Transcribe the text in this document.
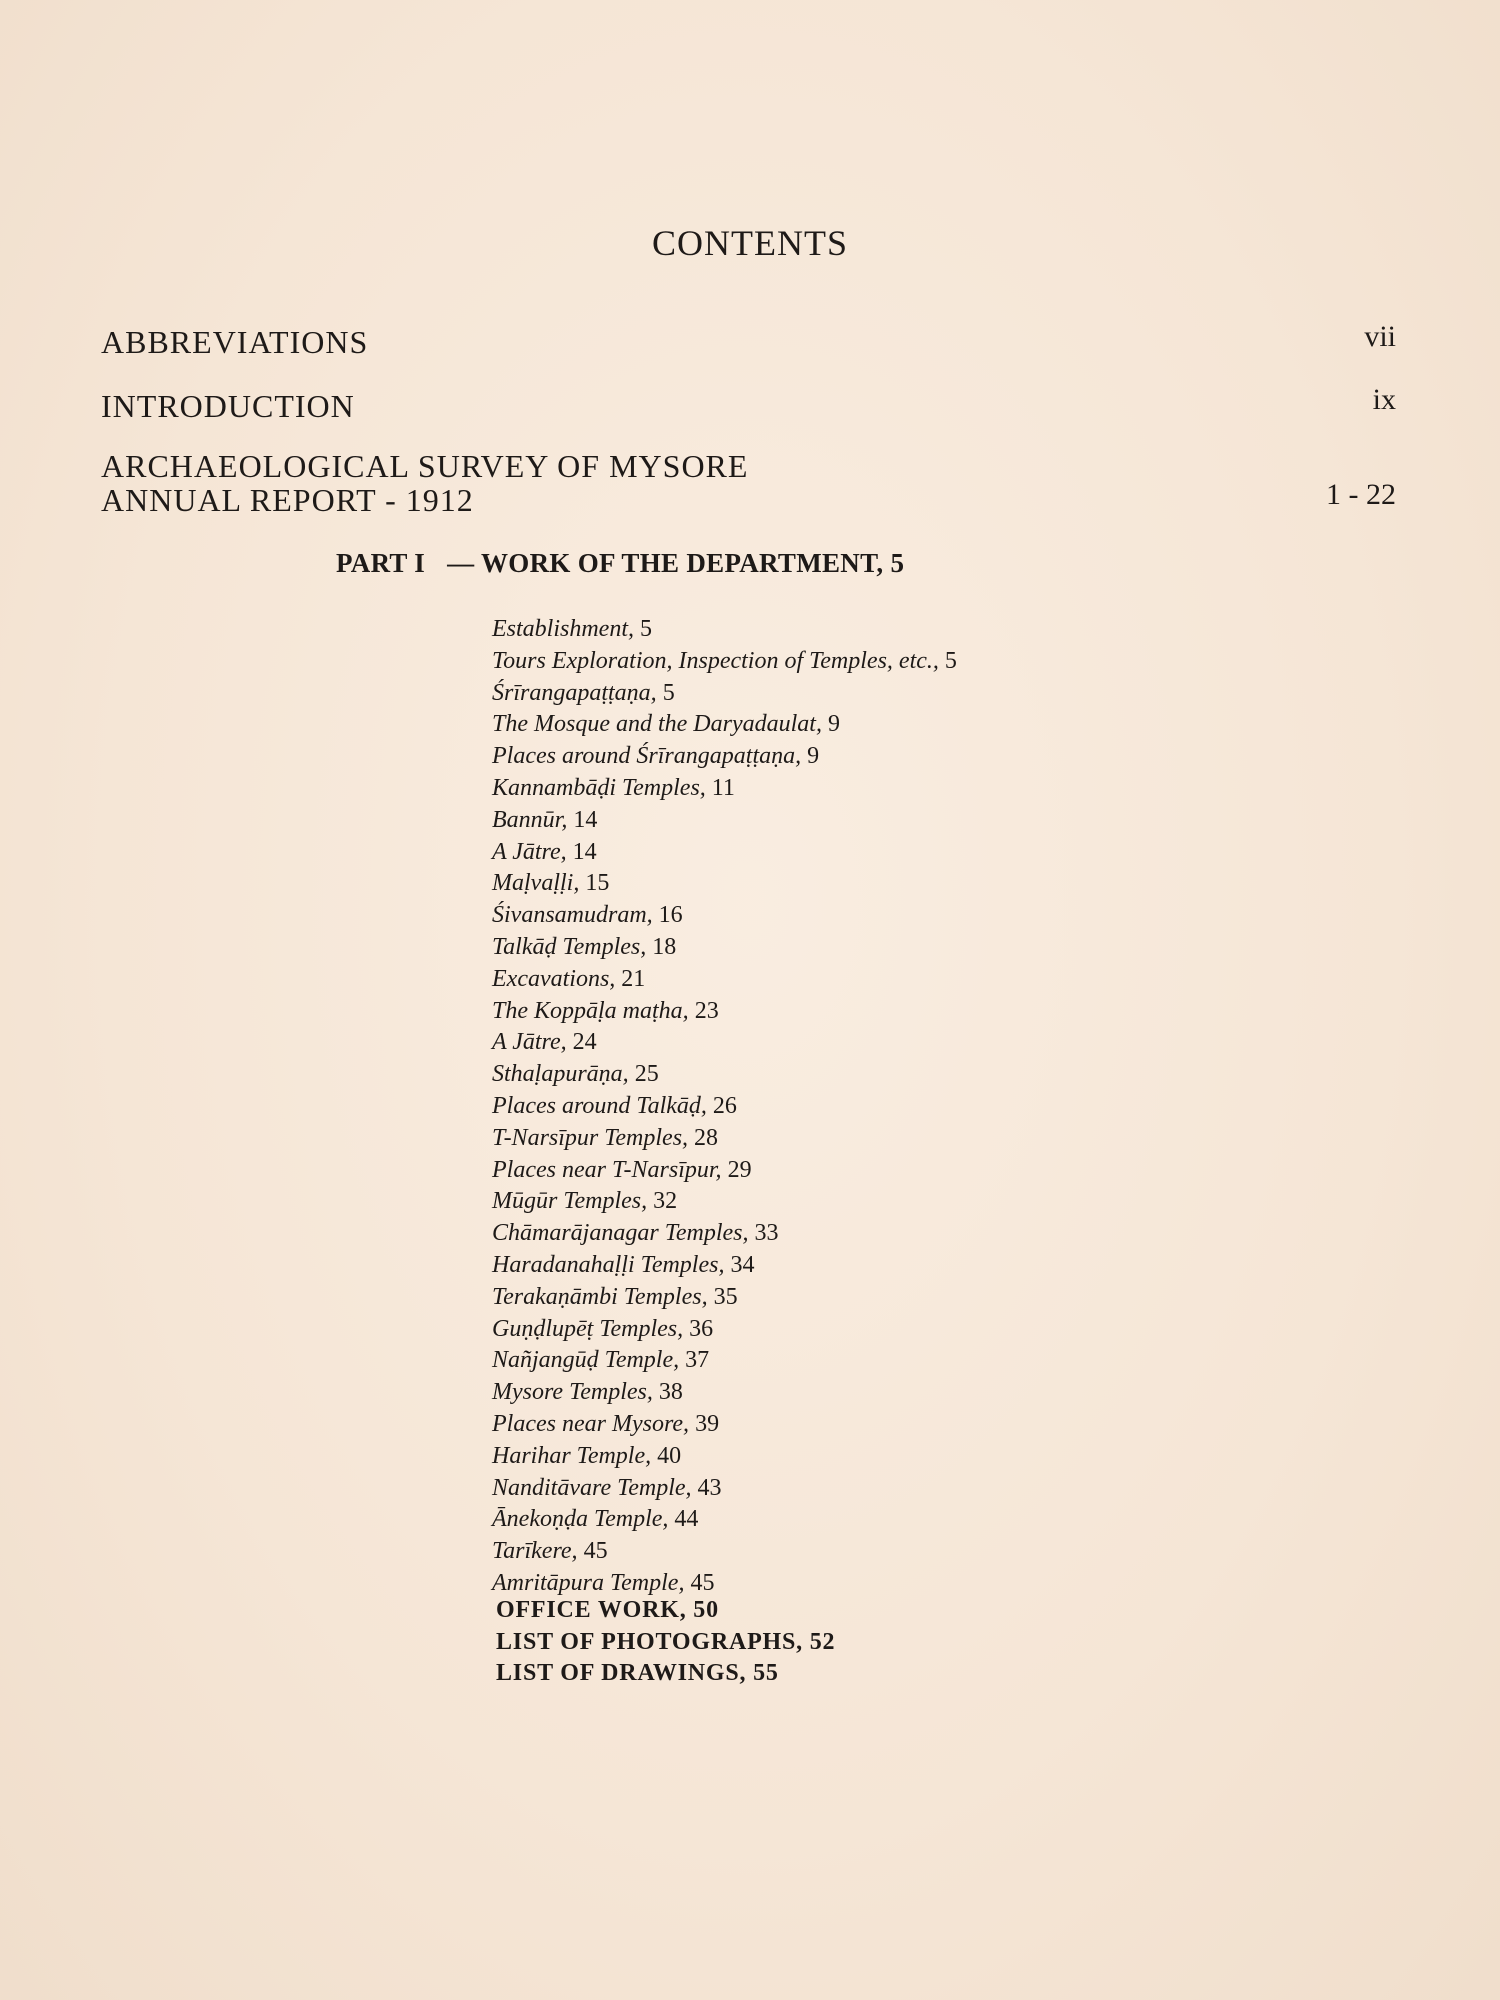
CONTENTS
ABBREVIATIONS	vii
INTRODUCTION	ix
ARCHAEOLOGICAL SURVEY OF MYSORE
ANNUAL REPORT - 1912	1 - 22
PART I — WORK OF THE DEPARTMENT, 5
Establishment, 5
Tours Exploration, Inspection of Temples, etc., 5
Śrīrangapaṭṭaṇa, 5
The Mosque and the Daryadaulat, 9
Places around Śrīrangapaṭṭaṇa, 9
Kannambāḍi Temples, 11
Bannūr, 14
A Jātre, 14
Maḷvaḷḷi, 15
Śivansamudram, 16
Talkāḍ Temples, 18
Excavations, 21
The Koppāḷa maṭha, 23
A Jātre, 24
Sthaḷapurāṇa, 25
Places around Talkāḍ, 26
T-Narsīpur Temples, 28
Places near T-Narsīpur, 29
Mūgūr Temples, 32
Chāmarājanagar Temples, 33
Haradanahaḷḷi Temples, 34
Terakaṇāmbi Temples, 35
Guṇḍlupēṭ Temples, 36
Nañjangūḍ Temple, 37
Mysore Temples, 38
Places near Mysore, 39
Harihar Temple, 40
Nanditāvare Temple, 43
Ānekoṇḍa Temple, 44
Tarīkere, 45
Amritāpura Temple, 45
OFFICE WORK, 50
LIST OF PHOTOGRAPHS, 52
LIST OF DRAWINGS, 55
